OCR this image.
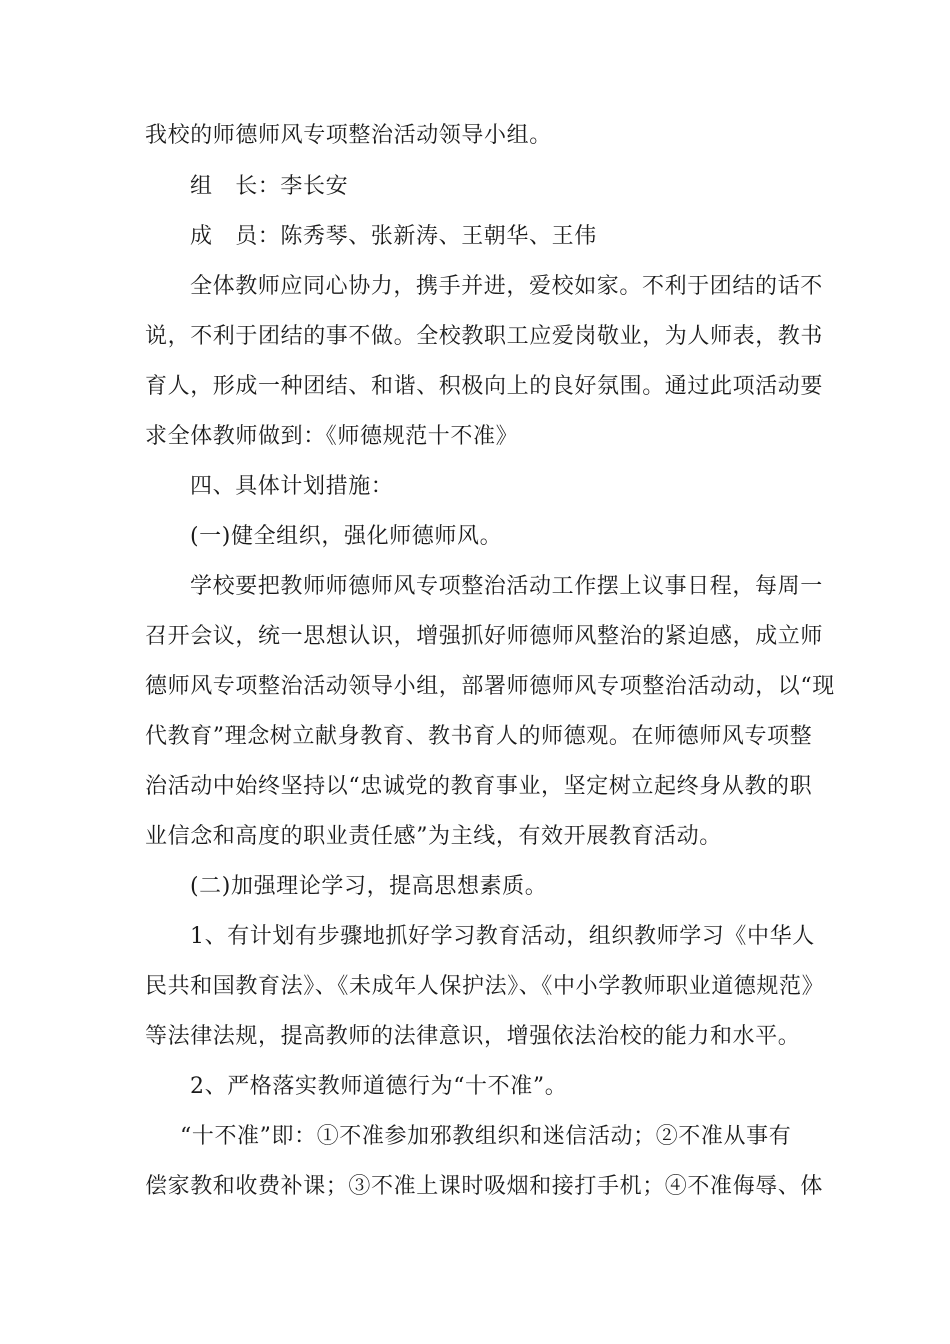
我校的师德师风专项整治活动领导小组。
组　长：李长安
成　员：陈秀琴、张新涛、王朝华、王伟
全体教师应同心协力，携手并进，爱校如家。不利于团结的话不
说，不利于团结的事不做。全校教职工应爱岗敬业，为人师表，教书
育人，形成一种团结、和谐、积极向上的良好氛围。通过此项活动要
求全体教师做到：《师德规范十不准》
四、具体计划措施：
(一)健全组织，强化师德师风。
学校要把教师师德师风专项整治活动工作摆上议事日程，每周一
召开会议，统一思想认识，增强抓好师德师风整治的紧迫感，成立师
德师风专项整治活动领导小组，部署师德师风专项整治活动动，以“现
代教育”理念树立献身教育、教书育人的师德观。在师德师风专项整
治活动中始终坚持以“忠诚党的教育事业，坚定树立起终身从教的职
业信念和高度的职业责任感”为主线，有效开展教育活动。
(二)加强理论学习，提高思想素质。
1、有计划有步骤地抓好学习教育活动，组织教师学习《中华人
民共和国教育法》、《未成年人保护法》、《中小学教师职业道德规范》
等法律法规，提高教师的法律意识，增强依法治校的能力和水平。
2、严格落实教师道德行为“十不准”。
“十不准”即：①不准参加邪教组织和迷信活动；②不准从事有
偿家教和收费补课；③不准上课时吸烟和接打手机；④不准侮辱、体
